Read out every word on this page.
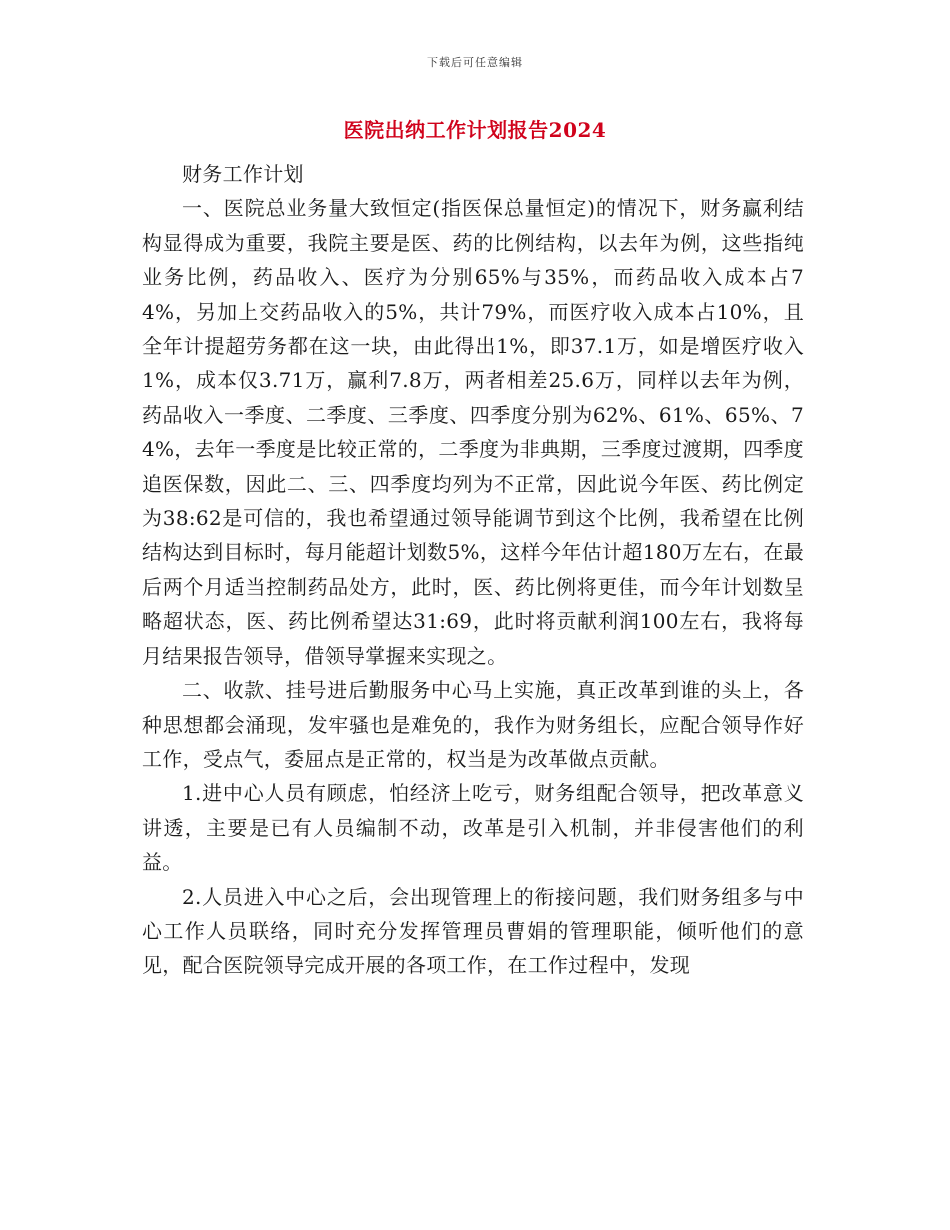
下载后可任意编辑
医院出纳工作计划报告2024

财务工作计划

一、医院总业务量大致恒定(指医保总量恒定)的情况下，财务赢利结构显得成为重要，我院主要是医、药的比例结构，以去年为例，这些指纯业务比例，药品收入、医疗为分别65%与35%，而药品收入成本占74%，另加上交药品收入的5%，共计79%，而医疗收入成本占10%，且全年计提超劳务都在这一块，由此得出1%，即37.1万，如是增医疗收入1%，成本仅3.71万，赢利7.8万，两者相差25.6万，同样以去年为例，药品收入一季度、二季度、三季度、四季度分别为62%、61%、65%、74%，去年一季度是比较正常的，二季度为非典期，三季度过渡期，四季度追医保数，因此二、三、四季度均列为不正常，因此说今年医、药比例定为38:62是可信的，我也希望通过领导能调节到这个比例，我希望在比例结构达到目标时，每月能超计划数5%，这样今年估计超180万左右，在最后两个月适当控制药品处方，此时，医、药比例将更佳，而今年计划数呈略超状态，医、药比例希望达31:69，此时将贡献利润100左右，我将每月结果报告领导，借领导掌握来实现之。

二、收款、挂号进后勤服务中心马上实施，真正改革到谁的头上，各种思想都会涌现，发牢骚也是难免的，我作为财务组长，应配合领导作好工作，受点气，委屈点是正常的，权当是为改革做点贡献。

1.进中心人员有顾虑，怕经济上吃亏，财务组配合领导，把改革意义讲透，主要是已有人员编制不动，改革是引入机制，并非侵害他们的利益。

2.人员进入中心之后，会出现管理上的衔接问题，我们财务组多与中心工作人员联络，同时充分发挥管理员曹娟的管理职能，倾听他们的意见，配合医院领导完成开展的各项工作，在工作过程中，发现
